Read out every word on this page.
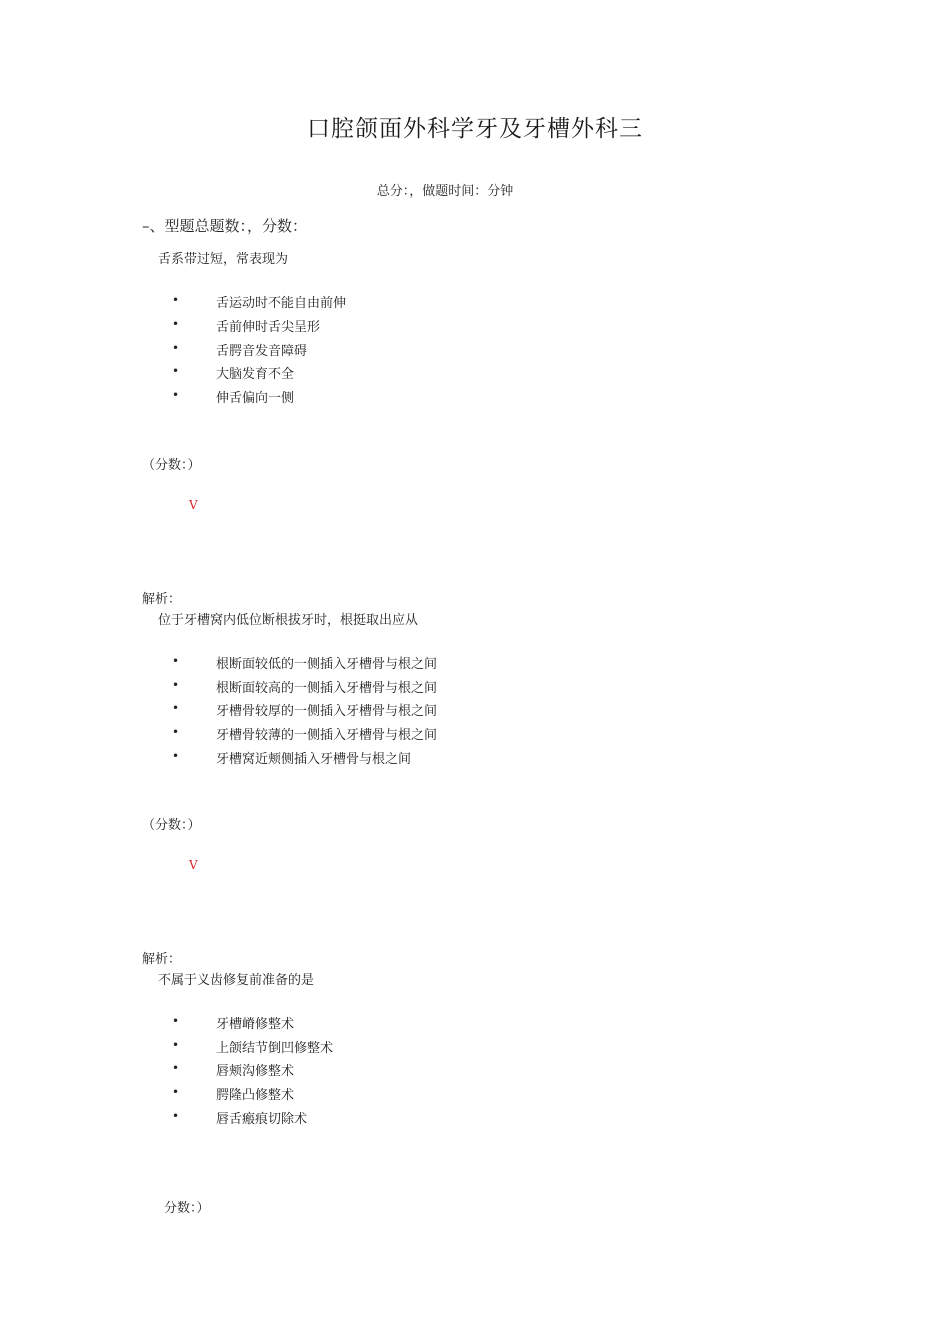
口腔颌面外科学牙及牙槽外科三
总分：，做题时间：分钟
–、型题总题数：，分数：
舌系带过短，常表现为
•	舌运动时不能自由前伸
•	舌前伸时舌尖呈形
•	舌腭音发音障碍
•	大脑发育不全
•	伸舌偏向一侧
（分数：）
V
解析：
位于牙槽窝内低位断根拔牙时，根挺取出应从
•	根断面较低的一侧插入牙槽骨与根之间
•	根断面较高的一侧插入牙槽骨与根之间
•	牙槽骨较厚的一侧插入牙槽骨与根之间
•	牙槽骨较薄的一侧插入牙槽骨与根之间
•	牙槽窝近颊侧插入牙槽骨与根之间
（分数：）
V
解析：
不属于义齿修复前准备的是
•	牙槽嵴修整术
•	上颌结节倒凹修整术
•	唇颊沟修整术
•	腭隆凸修整术
•	唇舌瘢痕切除术
分数：）
